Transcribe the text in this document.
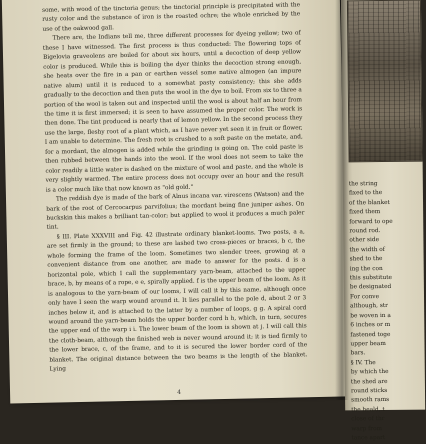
some, with wood of the tinctoria genus; the tinctorial principle is precipitated with the rusty color and the substance of iron is the roasted ochre; the whole enriched by the use of the oakwood gall.

There are, the Indians tell me, three different processes for dyeing yellow; two of these I have witnessed. The first process is thus conducted: The flowering tops of Bigelovia graveolens are boiled for about six hours, until a decoction of deep yellow color is produced. While this is boiling the dyer thinks the decoction strong enough, she heats over the fire in a pan or earthen vessel some native almogen (an impure native alum) until it is reduced to a somewhat pasty consistency; this she adds gradually to the decoction and then puts the wool in the dye to boil. From six to three a portion of the wool is taken out and inspected until the wool is about half an hour from the time it is first immersed; it is seen to have assumed the proper color. The work is then done. The tint produced is nearly that of lemon yellow. In the second process they use the large, fleshy root of a plant which, as I have never yet seen it in fruit or flower, I am unable to determine. The fresh root is crushed to a soft paste on the metate, and, for a mordant, the almogen is added while the grinding is going on. The cold paste is then rubbed between the hands into the wool. If the wool does not seem to take the color readily a little water is dashed on the mixture of wool and paste, and the whole is very slightly warmed. The entire process does not occupy over an hour and the result is a color much like that now known as "old gold."

The reddish dye is made of the bark of Alnus incana var. virescens (Watson) and the bark of the root of Cercocarpus parvifolius; the mordant being fine juniper ashes. On buckskin this makes a brilliant tan-color; but applied to wool it produces a much paler tint.

§ III. Plate XXXVIII and Fig. 42 illustrate ordinary blanket-looms. Two posts, a a, are set firmly in the ground; to these are lashed two cross-pieces or braces, b c, the whole forming the frame of the loom. Sometimes two slender trees, growing at a convenient distance from one another, are made to answer for the posts. d is a horizontal pole, which I call the supplementary yarn-beam, attached to the upper brace, b, by means of a rope, e e, spirally applied. f is the upper beam of the loom. As it is analogous to the yarn-beam of our looms, I will call it by this name, although once only have I seen the warp wound around it. It lies parallel to the pole d, about 2 or 3 inches below it, and is attached to the latter by a number of loops, g g. A spiral cord wound around the yarn-beam holds the upper border cord h h, which, in turn, secures the upper end of the warp i i. The lower beam of the loom is shown at j. I will call this the cloth-beam, although the finished web is never wound around it; it is tied firmly to the lower brace, c, of the frame, and to it is secured the lower border cord of the blanket. The original distance between the two beams is the length of the blanket. Lying

4
the string
fixed to the
of the blanket
fixed them
forward to ope
round rod.
other side
the width of
shed to the
ing the con
this substitute
be designated
For conve
although, str
be woven in a
6 inches or m
fastened toge
upper beam
bars.
§ IV. The
by which the
the shed are
round sticks
smooth rams
the heald, t
close of thr
warp from
tance apart
